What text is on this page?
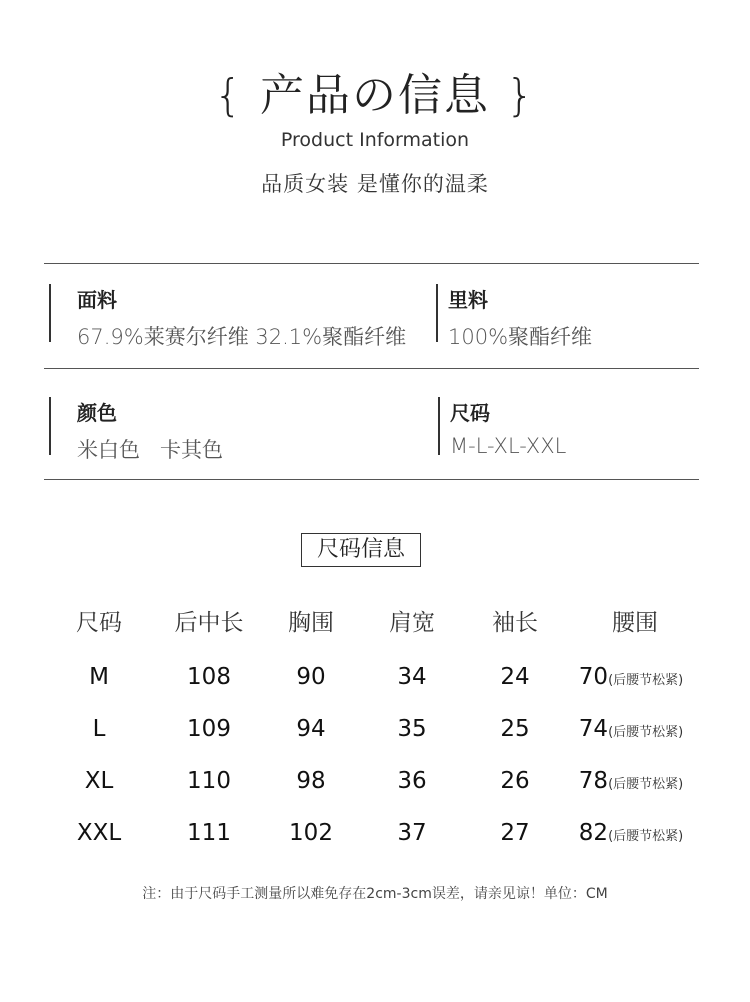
{ 产品の信息 }
Product Information
品质女装 是懂你的温柔
面料
67.9%莱赛尔纤维 32.1%聚酯纤维
里料
100%聚酯纤维
颜色
米白色   卡其色
尺码
M-L-XL-XXL
尺码信息
尺码 后中长 胸围 肩宽 袖长	腰围
M	108	90	34	24 70(后腰节松紧)
L	109	94	35	25 74(后腰节松紧)
XL	110	98	36	26 78(后腰节松紧)
XXL	111	102	37	27 82(后腰节松紧)
注：由于尺码手工测量所以难免存在2cm-3cm误差，请亲见谅！单位：CM
